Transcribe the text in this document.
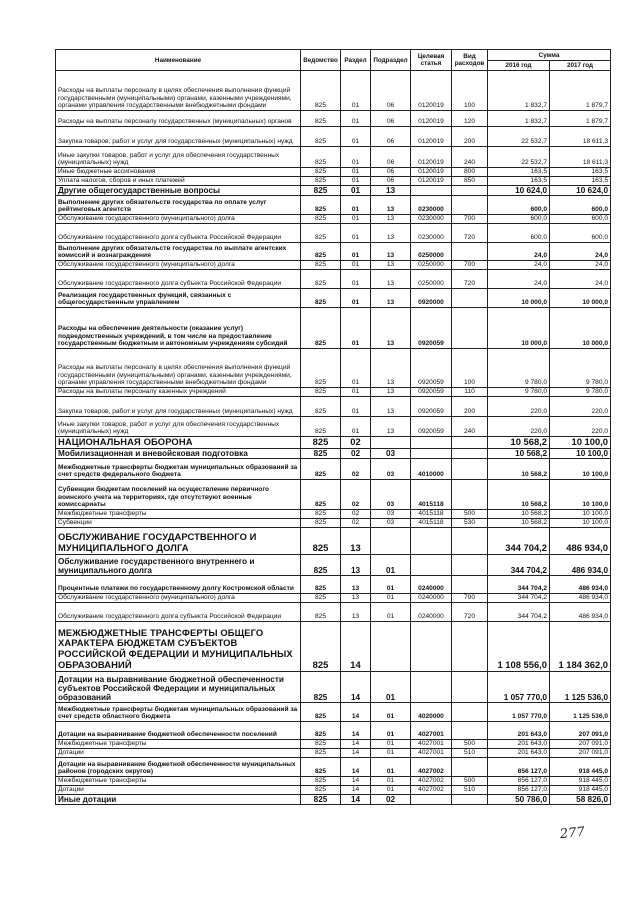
Наименование	Ведомство	Раздел	Подраздел	Целевая статья	Вид расходов	Сумма	
						2016 год	2017 год
Расходы на выплаты персоналу в целях обеспечения выполнения функций государственными (муниципальными) органами, казенными учреждениями, органами управления государственными внебюджетными фондами	825	01	06	0120019	100	1 832,7	1 879,7
Расходы на выплаты персоналу государственных (муниципальных) органов	825	01	06	0120019	120	1 832,7	1 879,7
Закупка товаров, работ и услуг для государственных (муниципальных) нужд	825	01	06	0120019	200	22 532,7	18 611,3
Иные закупки товаров, работ и услуг для обеспечения государственных (муниципальных) нужд	825	01	06	0120019	240	22 532,7	18 611,3
Иные бюджетные ассигнования	825	01	06	0120019	800	163,5	163,5
Уплата налогов, сборов и иных платежей	825	01	06	0120019	850	163,5	163,5
Другие общегосударственные вопросы	825	01	13			10 624,0	10 624,0
Выполнение других обязательств государства по оплате услуг рейтинговых агентств	825	01	13	0230000		600,0	600,0
Обслуживание государственного (муниципального) долга	825	01	13	0230000	700	600,0	600,0
Обслуживание государственного долга субъекта Российской Федерации	825	01	13	0230000	720	600,0	600,0
Выполнение других обязательств государства по выплате агентских комиссий и вознаграждения	825	01	13	0250000		24,0	24,0
Обслуживание государственного (муниципального) долга	825	01	13	0250000	700	24,0	24,0
Обслуживание государственного долга субъекта Российской Федерации	825	01	13	0250000	720	24,0	24,0
Реализация государственных функций, связанных с общегосударственным управлением	825	01	13	0920000		10 000,0	10 000,0
Расходы на обеспечение деятельности (оказание услуг) подведомственных учреждений, в том числе на предоставление государственным бюджетным и автономным учреждениям субсидий	825	01	13	0920059		10 000,0	10 000,0
Расходы на выплаты персоналу в целях обеспечения выполнения функций государственными (муниципальными) органами, казенными учреждениями, органами управления государственными внебюджетными фондами	825	01	13	0920059	100	9 780,0	9 780,0
Расходы на выплаты персоналу казенных учреждений	825	01	13	0920059	110	9 780,0	9 780,0
Закупка товаров, работ и услуг для государственных (муниципальных) нужд	825	01	13	0920059	200	220,0	220,0
Иные закупки товаров, работ и услуг для обеспечения государственных (муниципальных) нужд	825	01	13	0920059	240	220,0	220,0
НАЦИОНАЛЬНАЯ ОБОРОНА	825	02				10 568,2	10 100,0
Мобилизационная и вневойсковая подготовка	825	02	03			10 568,2	10 100,0
Межбюджетные трансферты бюджетам муниципальных образований за счет средств федерального бюджета	825	02	03	4010000		10 568,2	10 100,0
Субвенции бюджетам поселений на осуществление первичного воинского учета на территориях, где отсутствуют военные комиссариаты	825	02	03	4015118		10 568,2	10 100,0
Межбюджетные трансферты	825	02	03	4015118	500	10 568,2	10 100,0
Субвенции	825	02	03	4015118	530	10 568,2	10 100,0
ОБСЛУЖИВАНИЕ ГОСУДАРСТВЕННОГО И МУНИЦИПАЛЬНОГО ДОЛГА	825	13				344 704,2	486 934,0
Обслуживание государственного внутреннего и муниципального долга	825	13	01			344 704,2	486 934,0
Процентные платежи по государственному долгу Костромской области	825	13	01	0240000		344 704,2	486 934,0
Обслуживание государственного (муниципального) долга	825	13	01	0240000	700	344 704,2	486 934,0
Обслуживание государственного долга субъекта Российской Федерации	825	13	01	0240000	720	344 704,2	486 934,0
МЕЖБЮДЖЕТНЫЕ ТРАНСФЕРТЫ ОБЩЕГО ХАРАКТЕРА БЮДЖЕТАМ СУБЪЕКТОВ РОССИЙСКОЙ ФЕДЕРАЦИИ И МУНИЦИПАЛЬНЫХ ОБРАЗОВАНИЙ	825	14				1 108 556,0	1 184 362,0
Дотации на выравнивание бюджетной обеспеченности субъектов Российской Федерации и муниципальных образований	825	14	01			1 057 770,0	1 125 536,0
Межбюджетные трансферты бюджетам муниципальных образований за счет средств областного бюджета	825	14	01	4020000		1 057 770,0	1 125 536,0
Дотации на выравнивание бюджетной обеспеченности поселений	825	14	01	4027001		201 643,0	207 091,0
Межбюджетные трансферты	825	14	01	4027001	500	201 643,0	207 091,0
Дотации	825	14	01	4027001	510	201 643,0	207 091,0
Дотации на выравнивание бюджетной обеспеченности муниципальных районов (городских округов)	825	14	01	4027002		856 127,0	918 445,0
Межбюджетные трансферты	825	14	01	4027002	500	856 127,0	918 445,0
Дотации	825	14	01	4027002	510	856 127,0	918 445,0
Иные дотации	825	14	02			50 786,0	58 826,0
277
